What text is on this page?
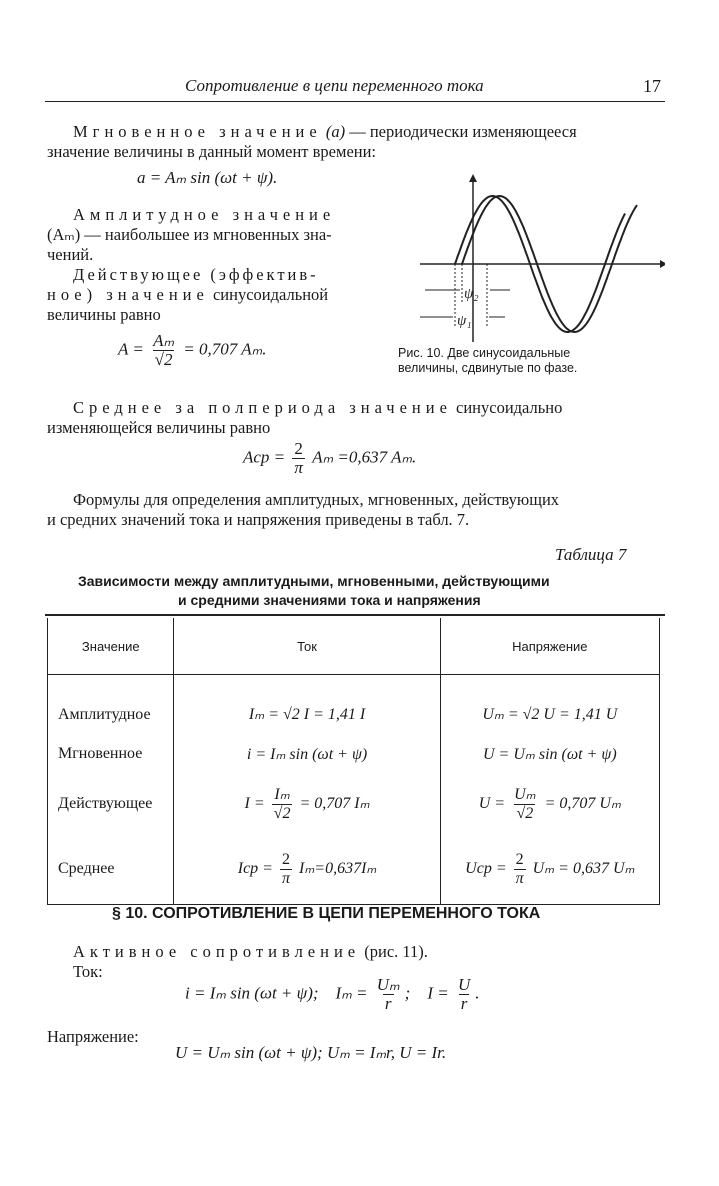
Сопротивление в цепи переменного тока	17
Мгновенное значение (a) — периодически изменяющееся
значение величины в данный момент времени:
a = Aₘ sin (ωt + ψ).
Амплитудное значение
(Aₘ) — наибольшее из мгновенных зна-
чений.
Действующее (эффектив-
ное) значение синусоидальной
величины равно
$A = \frac{\text{Aₘ}}{√2} = 0,707$ Aₘ.
ψ₂
ψ₁
Рис. 10. Две синусоидальные
величины, сдвинутые по фазе.
Среднее за полпериода значение синусоидально
изменяющейся величины равно
Aср = $\frac{2}{\pi}$ Aₘ =0,637 Aₘ.
Формулы для определения амплитудных, мгновенных, действующих
и средних значений тока и напряжения приведены в табл. 7.
Таблица 7
Зависимости между амплитудными, мгновенными, действующими
и средними значениями тока и напряжения
Значение	Ток	Напряжение
Амплитудное	Iₘ = √2 I = 1,41 I	Uₘ = √2 U = 1,41 U
Мгновенное	i = Iₘ sin (ωt + ψ)	U = Uₘ sin (ωt + ψ)
Действующее	$I = \frac{\text{Iₘ}}{√2} = 0,707$ Iₘ	$U = \frac{\text{Uₘ}}{√2} = 0,707$ Uₘ
Среднее	Iср = $\frac{2}{\pi} I_m=0,637I_m$	Uср = $\frac{2}{\pi}$ Uₘ = 0,637 Uₘ
§ 10. СОПРОТИВЛЕНИЕ В ЦЕПИ ПЕРЕМЕННОГО ТОКА
Активное сопротивление (рис. 11).
Ток:
i = Iₘ sin (ωt + ψ); $I_m = \frac{\text{Uₘ}}{r}$ ;    $I = \frac{U}{r}$ .
Напряжение:
U = Uₘ sin (ωt + ψ); Uₘ = Iₘr, U = Ir.
